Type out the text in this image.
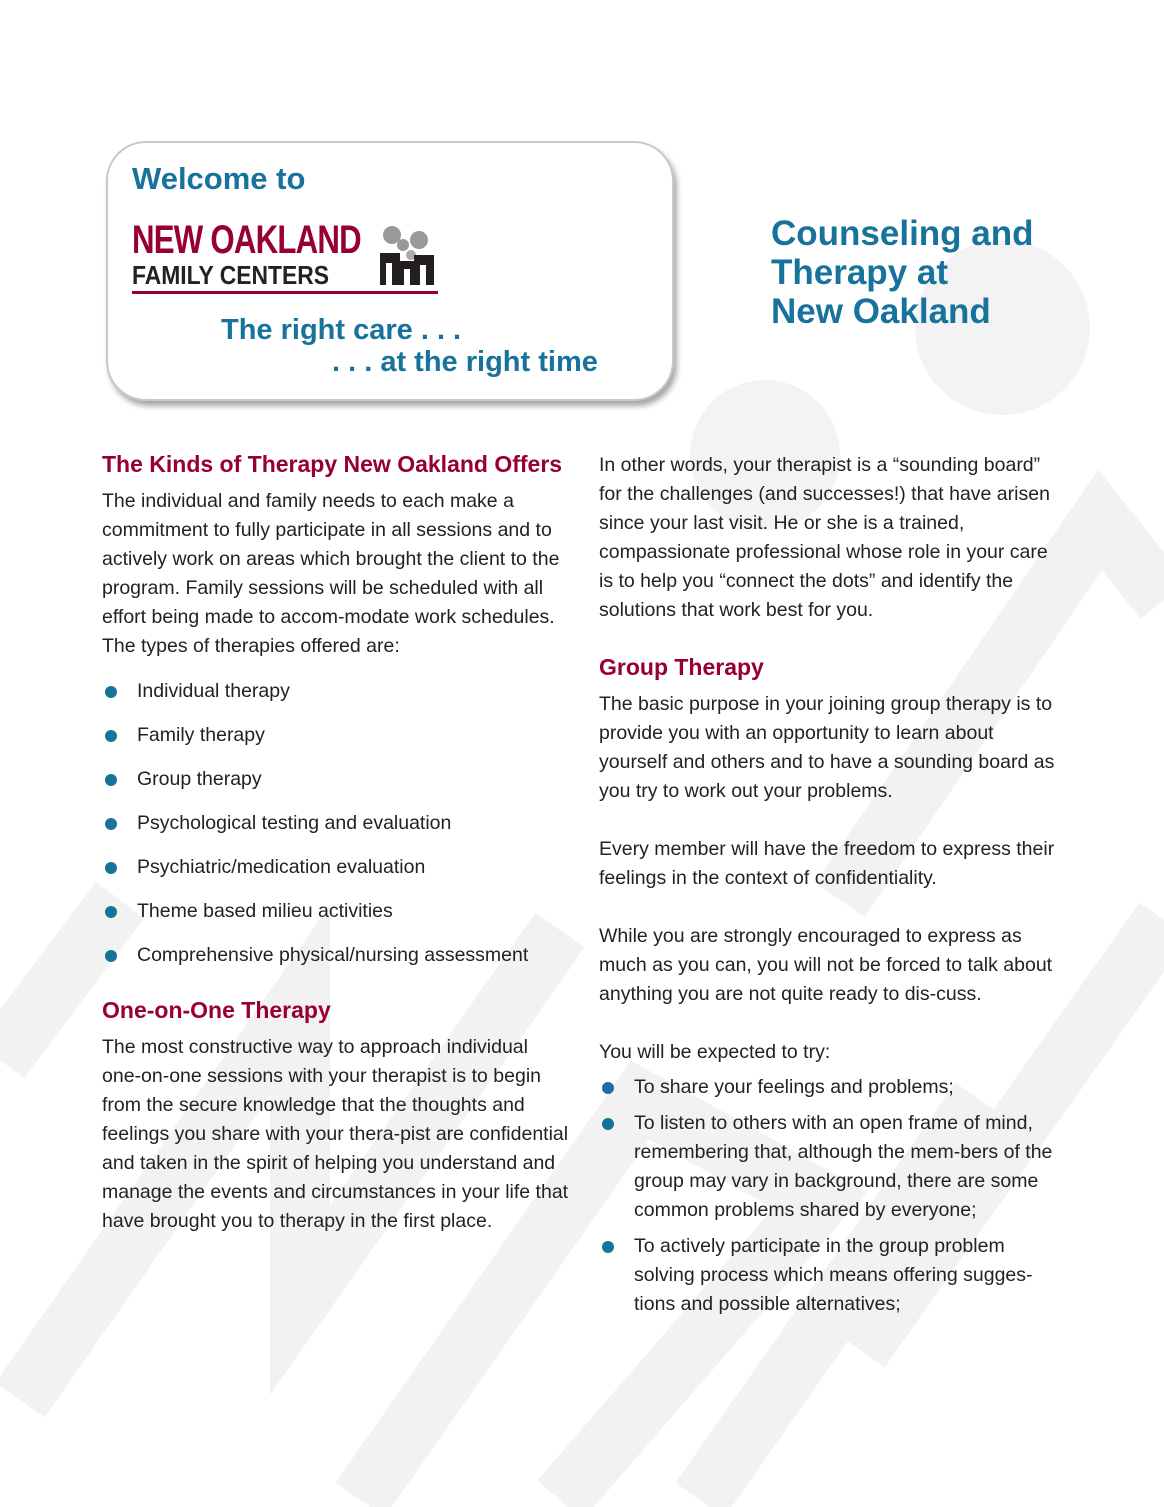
Welcome to
NEW OAKLAND
FAMILY CENTERS
The right care . . .
. . . at the right time
Counseling and
Therapy at
New Oakland
The Kinds of Therapy New Oakland Offers

The individual and family needs to each make a commitment to fully participate in all sessions and to actively work on areas which brought the client to the program. Family sessions will be scheduled with all effort being made to accom-modate work schedules. The types of therapies offered are:

Individual therapy
Family therapy
Group therapy
Psychological testing and evaluation
Psychiatric/medication evaluation
Theme based milieu activities
Comprehensive physical/nursing assessment
One-on-One Therapy

The most constructive way to approach individual one-on-one sessions with your therapist is to begin from the secure knowledge that the thoughts and feelings you share with your thera-pist are confidential and taken in the spirit of helping you understand and manage the events and circumstances in your life that have brought you to therapy in the first place.

In other words, your therapist is a “sounding board” for the challenges (and successes!) that have arisen since your last visit. He or she is a trained, compassionate professional whose role in your care is to help you “connect the dots” and identify the solutions that work best for you.

Group Therapy

The basic purpose in your joining group therapy is to provide you with an opportunity to learn about yourself and others and to have a sounding board as you try to work out your problems.

Every member will have the freedom to express their feelings in the context of confidentiality.

While you are strongly encouraged to express as much as you can, you will not be forced to talk about anything you are not quite ready to dis-cuss.

You will be expected to try:

To share your feelings and problems;
To listen to others with an open frame of mind, remembering that, although the mem-bers of the group may vary in background, there are some common problems shared by everyone;
To actively participate in the group problem solving process which means offering sugges-tions and possible alternatives;
